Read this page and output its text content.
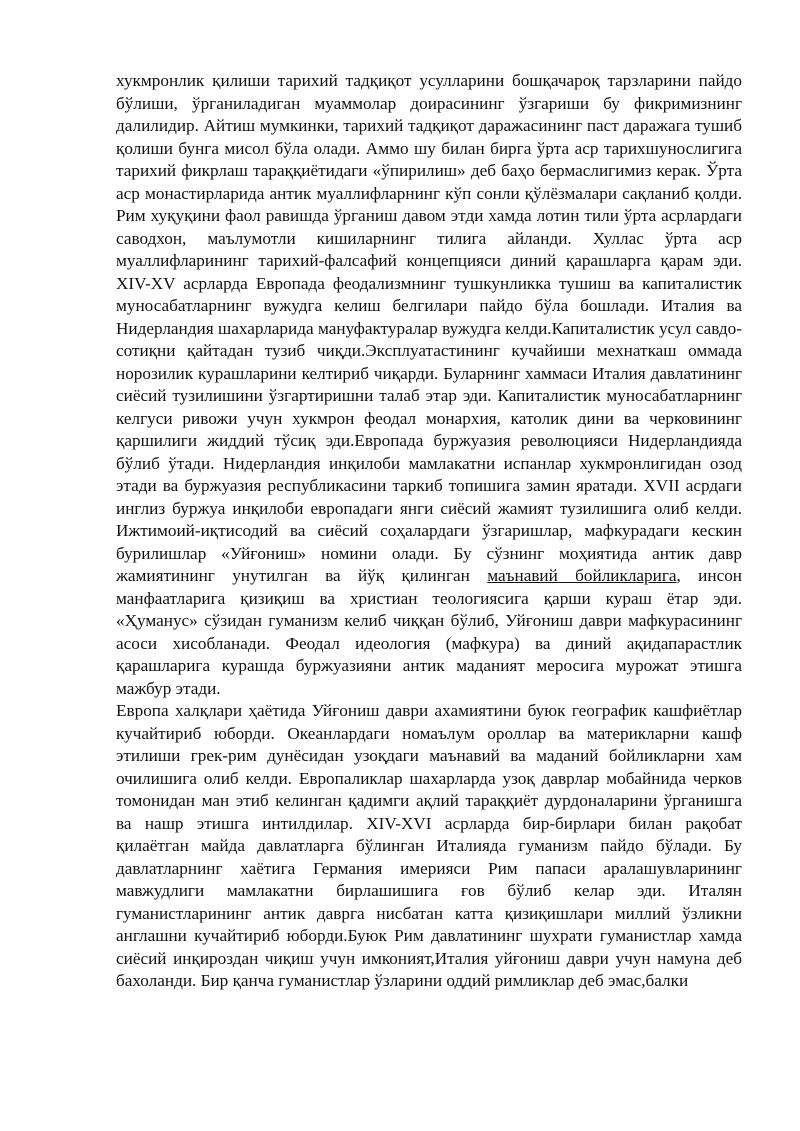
хукмронлик қилиши тарихий тадқиқот усулларини бошқачароқ тарзларини пайдо бўлиши, ўрганиладиган муаммолар доирасининг ўзгариши бу фикримизнинг далилидир. Айтиш мумкинки, тарихий тадқиқот даражасининг паст даражага тушиб қолиши бунга мисол бўла олади. Аммо шу билан бирга ўрта аср тарихшунослигига тарихий фикрлаш тараққиётидаги «ўпирилиш» деб баҳо бермаслигимиз керак. Ўрта аср монастирларида антик муаллифларнинг кўп сонли қўлёзмалари сақланиб қолди. Рим хуқуқини фаол равишда ўрганиш давом этди хамда лотин тили ўрта асрлардаги саводхон, маълумотли кишиларнинг тилига айланди. Хуллас ўрта аср муаллифларининг тарихий-фалсафий концепцияси диний қарашларга қарам эди. XIV-XV асрларда Европада феодализмнинг тушкунликка тушиш ва капиталистик муносабатларнинг вужудга келиш белгилари пайдо бўла бошлади. Италия ва Нидерландия шахарларида мануфактуралар вужудга келди.Капиталистик усул савдо-сотиқни қайтадан тузиб чиқди.Эксплуатастининг кучайиши мехнаткаш оммада норозилик курашларини келтириб чиқарди. Буларнинг хаммаси Италия давлатининг сиёсий тузилишини ўзгартиришни талаб этар эди. Капиталистик муносабатларнинг келгуси ривожи учун хукмрон феодал монархия, католик дини ва черковининг қаршилиги жиддий тўсиқ эди.Европада буржуазия революцияси Нидерландияда бўлиб ўтади. Нидерландия инқилоби мамлакатни испанлар хукмронлигидан озод этади ва буржуазия республикасини таркиб топишига замин яратади. XVII асрдаги инглиз буржуа инқилоби европадаги янги сиёсий жамият тузилишига олиб келди. Ижтимоий-иқтисодий ва сиёсий соҳалардаги ўзгаришлар, мафкурадаги кескин бурилишлар «Уйғониш» номини олади. Бу сўзнинг моҳиятида антик давр жамиятининг унутилган ва йўқ қилинган маънавий бойликларига, инсон манфаатларига қизиқиш ва христиан теологиясига қарши кураш ётар эди. «Ҳуманус» сўзидан гуманизм келиб чиққан бўлиб, Уйғониш даври мафкурасининг асоси хисобланади. Феодал идеология (мафкура) ва диний ақидапарастлик қарашларига курашда буржуазияни антик маданият меросига мурожат этишга мажбур этади.

Европа халқлари ҳаётида Уйғониш даври ахамиятини буюк географик кашфиётлар кучайтириб юборди. Океанлардаги номаълум ороллар ва материкларни кашф этилиши грек-рим дунёсидан узоқдаги маънавий ва маданий бойликларни хам очилишига олиб келди. Европаликлар шахарларда узоқ даврлар мобайнида черков томонидан ман этиб келинган қадимги ақлий тараққиёт дурдоналарини ўрганишга ва нашр этишга интилдилар. XIV-XVI асрларда бир-бирлари билан рақобат қилаётган майда давлатларга бўлинган Италияда гуманизм пайдо бўлади. Бу давлатларнинг хаётига Германия имерияси Рим папаси аралашувларининг мавжудлиги мамлакатни бирлашишига ғов бўлиб келар эди. Италян гуманистларининг антик даврга нисбатан катта қизиқишлари миллий ўзликни англашни кучайтириб юборди.Буюк Рим давлатининг шухрати гуманистлар хамда сиёсий инқироздан чиқиш учун имконият,Италия уйғониш даври учун намуна деб бахоланди. Бир қанча гуманистлар ўзларини оддий римликлар деб эмас,балки
